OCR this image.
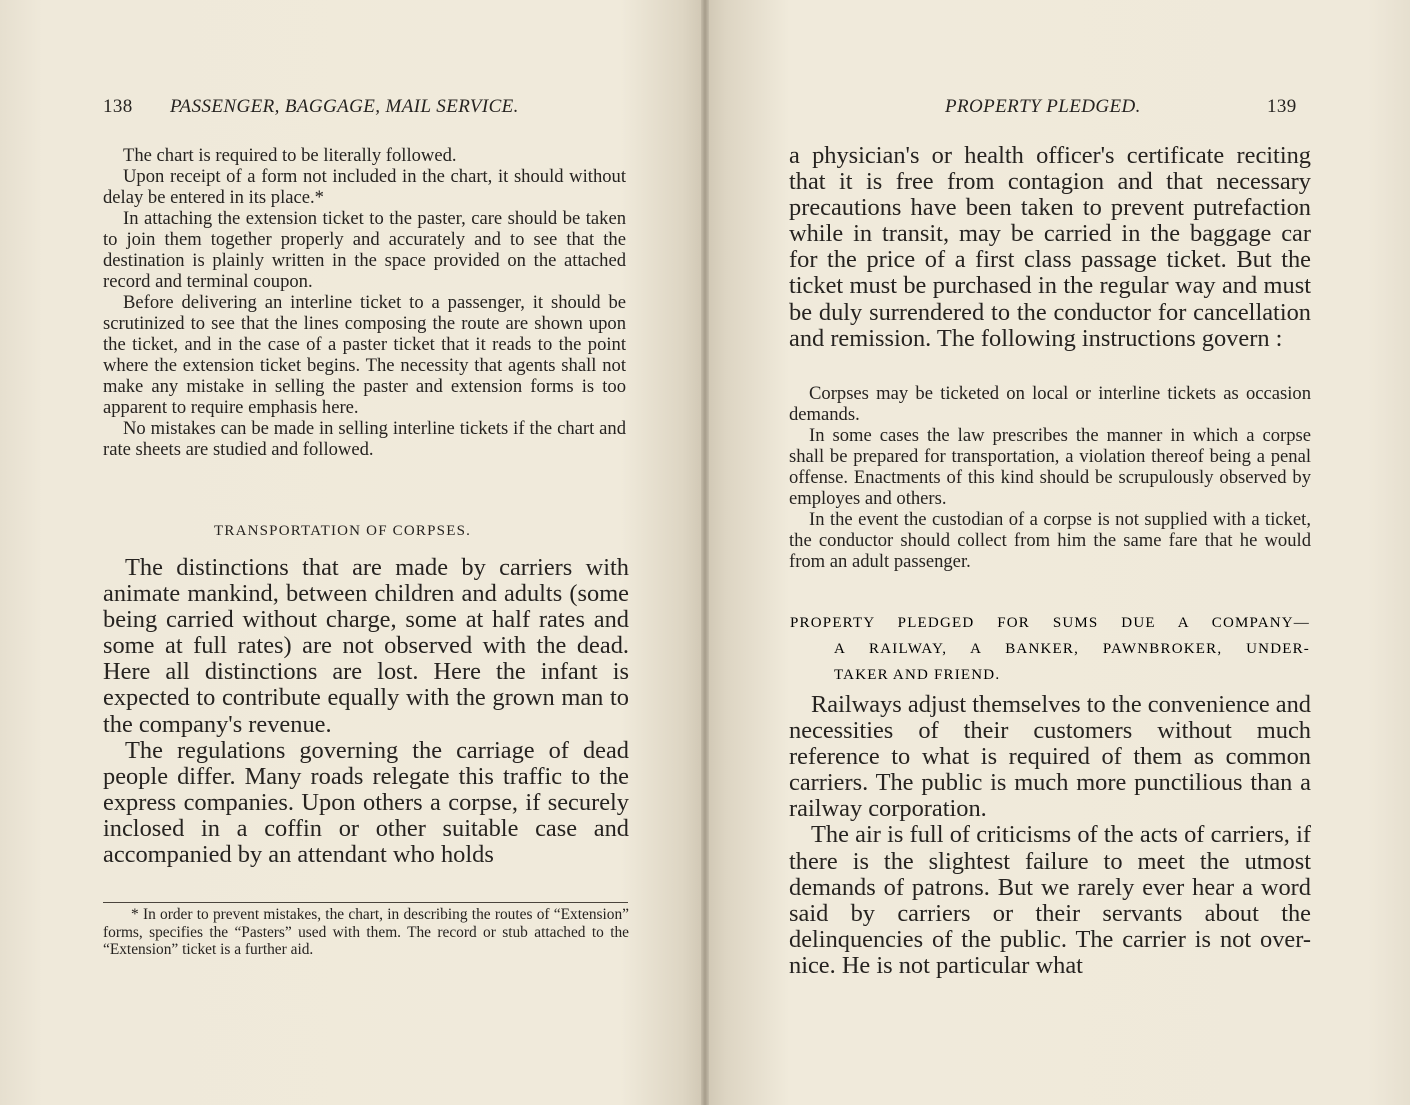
138 PASSENGER, BAGGAGE, MAIL SERVICE.

The chart is required to be literally followed.

Upon receipt of a form not included in the chart, it should without delay be entered in its place.*

In attaching the extension ticket to the paster, care should be taken to join them together properly and accurately and to see that the destination is plainly written in the space provided on the attached record and terminal coupon.

Before delivering an interline ticket to a passenger, it should be scrutinized to see that the lines composing the route are shown upon the ticket, and in the case of a paster ticket that it reads to the point where the extension ticket begins. The necessity that agents shall not make any mistake in selling the paster and extension forms is too apparent to require emphasis here.

No mistakes can be made in selling interline tickets if the chart and rate sheets are studied and followed.

TRANSPORTATION OF CORPSES.

The distinctions that are made by carriers with animate mankind, between children and adults (some being carried without charge, some at half rates and some at full rates) are not observed with the dead. Here all distinctions are lost. Here the infant is expected to contribute equally with the grown man to the company's revenue.

The regulations governing the carriage of dead people differ. Many roads relegate this traffic to the express companies. Upon others a corpse, if securely inclosed in a coffin or other suitable case and accompanied by an attendant who holds

* In order to prevent mistakes, the chart, in describing the routes of “Extension” forms, specifies the “Pasters” used with them. The record or stub attached to the “Extension” ticket is a further aid.

PROPERTY PLEDGED.	139

a physician's or health officer's certificate reciting that it is free from contagion and that necessary precautions have been taken to prevent putrefaction while in transit, may be carried in the baggage car for the price of a first class passage ticket. But the ticket must be purchased in the regular way and must be duly surrendered to the conductor for cancellation and remission. The following instructions govern :

Corpses may be ticketed on local or interline tickets as occasion demands.

In some cases the law prescribes the manner in which a corpse shall be prepared for transportation, a violation thereof being a penal offense. Enactments of this kind should be scrupulously observed by employes and others.

In the event the custodian of a corpse is not supplied with a ticket, the conductor should collect from him the same fare that he would from an adult passenger.

PROPERTY PLEDGED FOR SUMS DUE A COMPANY—
A RAILWAY, A BANKER, PAWNBROKER, UNDER-
TAKER AND FRIEND.

Railways adjust themselves to the convenience and necessities of their customers without much reference to what is required of them as common carriers. The public is much more punctilious than a railway corporation.

The air is full of criticisms of the acts of carriers, if there is the slightest failure to meet the utmost demands of patrons. But we rarely ever hear a word said by carriers or their servants about the delinquencies of the public. The carrier is not over-nice. He is not particular what
